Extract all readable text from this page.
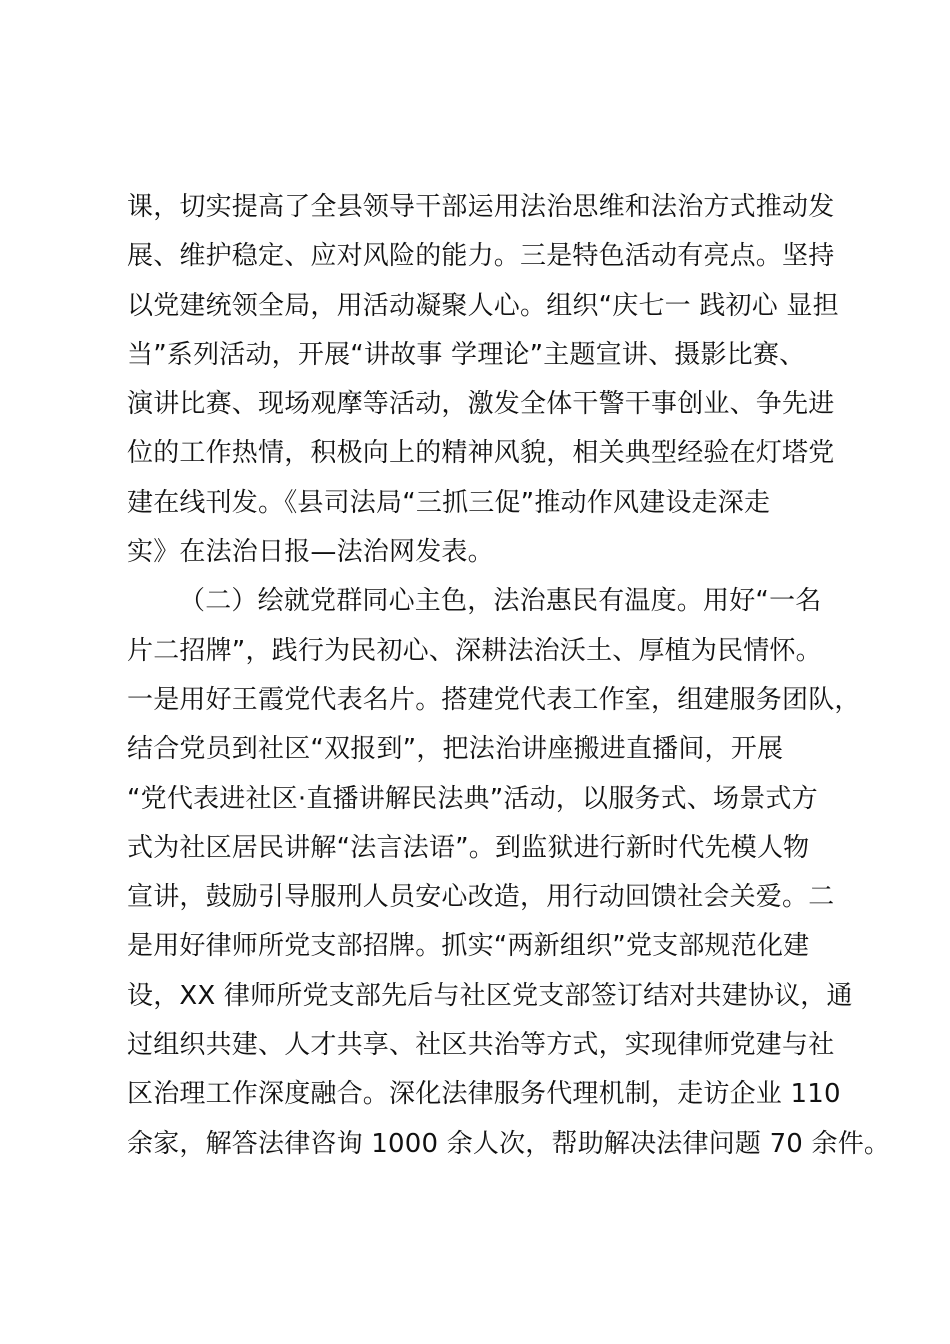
课，切实提高了全县领导干部运用法治思维和法治方式推动发
展、维护稳定、应对风险的能力。三是特色活动有亮点。坚持
以党建统领全局，用活动凝聚人心。组织“庆七一 践初心 显担
当”系列活动，开展“讲故事 学理论”主题宣讲、摄影比赛、
演讲比赛、现场观摩等活动，激发全体干警干事创业、争先进
位的工作热情，积极向上的精神风貌，相关典型经验在灯塔党
建在线刊发。《县司法局“三抓三促”推动作风建设走深走
实》在法治日报—法治网发表。
（二）绘就党群同心主色，法治惠民有温度。用好“一名
片二招牌”，践行为民初心、深耕法治沃土、厚植为民情怀。
一是用好王霞党代表名片。搭建党代表工作室，组建服务团队，
结合党员到社区“双报到”，把法治讲座搬进直播间，开展
“党代表进社区·直播讲解民法典”活动，以服务式、场景式方
式为社区居民讲解“法言法语”。到监狱进行新时代先模人物
宣讲，鼓励引导服刑人员安心改造，用行动回馈社会关爱。二
是用好律师所党支部招牌。抓实“两新组织”党支部规范化建
设，XX 律师所党支部先后与社区党支部签订结对共建协议，通
过组织共建、人才共享、社区共治等方式，实现律师党建与社
区治理工作深度融合。深化法律服务代理机制，走访企业 110
余家，解答法律咨询 1000 余人次，帮助解决法律问题 70 余件。
